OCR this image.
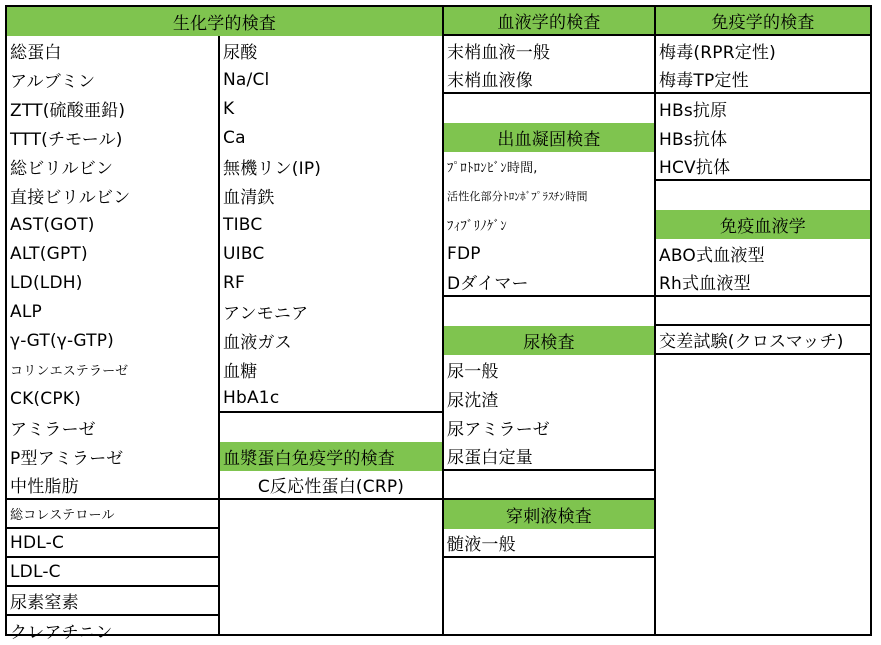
生化学的検査
総蛋白
アルブミン
ZTT(硫酸亜鉛)
TTT(チモール)
総ビリルビン
直接ビリルビン
AST(GOT)
ALT(GPT)
LD(LDH)
ALP
γ-GT(γ-GTP)
コリンエステラーゼ
CK(CPK)
アミラーゼ
P型アミラーゼ
中性脂肪
総コレステロール
HDL-C
LDL-C
尿素窒素
クレアチニン
尿酸
Na/Cl
K
Ca
無機リン(IP)
血清鉄
TIBC
UIBC
RF
アンモニア
血液ガス
血糖
HbA1c
血漿蛋白免疫学的検査
C反応性蛋白(CRP)
血液学的検査
末梢血液一般
末梢血液像
出血凝固検査
ﾌﾟﾛﾄﾛﾝﾋﾞﾝ時間,
活性化部分ﾄﾛﾝﾎﾞﾌﾟﾗｽﾁﾝ時間
ﾌｨﾌﾞﾘﾉｹﾞﾝ
FDP
Dダイマー
尿検査
尿一般
尿沈渣
尿アミラーゼ
尿蛋白定量
穿刺液検査
髄液一般
免疫学的検査
梅毒(RPR定性)
梅毒TP定性
HBs抗原
HBs抗体
HCV抗体
免疫血液学
ABO式血液型
Rh式血液型
交差試験(クロスマッチ)
